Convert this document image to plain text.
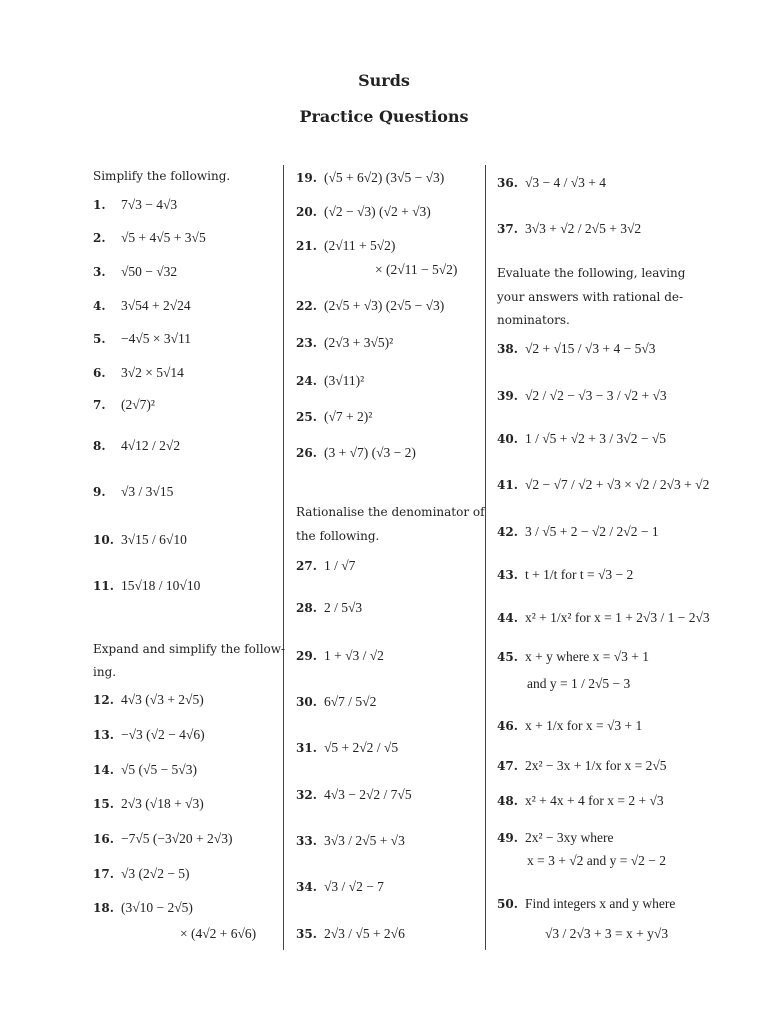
Surds
Practice Questions
Simplify the following.
Expand and simplify the follow-
ing.
Rationalise the denominator of
the following.
Evaluate the following, leaving
your answers with rational de-
nominators.
1.	7√3 − 4√3
2.	√5 + 4√5 + 3√5
3.	√50 − √32
4.	3√54 + 2√24
5.	−4√5 × 3√11
6.	3√2 × 5√14
7.	(2√7)²
8.	4√12 / 2√2
9.	√3 / 3√15
10. 3√15 / 6√10
11. 15√18 / 10√10
12. 4√3 (√3 + 2√5)
13. −√3 (√2 − 4√6)
14. √5 (√5 − 5√3)
15. 2√3 (√18 + √3)
16. −7√5 (−3√20 + 2√3)
17. √3 (2√2 − 5)
18. (3√10 − 2√5)
× (4√2 + 6√6)
19. (√5 + 6√2) (3√5 − √3)
20. (√2 − √3) (√2 + √3)
21. (2√11 + 5√2)
× (2√11 − 5√2)
22. (2√5 + √3) (2√5 − √3)
23. (2√3 + 3√5)²
24. (3√11)²
25. (√7 + 2)²
26. (3 + √7) (√3 − 2)
27. 1 / √7
28. 2 / 5√3
29. 1 + √3 / √2
30. 6√7 / 5√2
31. √5 + 2√2 / √5
32. 4√3 − 2√2 / 7√5
33. 3√3 / 2√5 + √3
34. √3 / √2 − 7
35. 2√3 / √5 + 2√6
36. √3 − 4 / √3 + 4
37. 3√3 + √2 / 2√5 + 3√2
38. √2 + √15 / √3 + 4 − 5√3
39. √2 / √2 − √3 − 3 / √2 + √3
40. 1 / √5 + √2 + 3 / 3√2 − √5
41. √2 − √7 / √2 + √3 × √2 / 2√3 + √2
42. 3 / √5 + 2 − √2 / 2√2 − 1
43. t + 1/t for t = √3 − 2
44. x² + 1/x² for x = 1 + 2√3 / 1 − 2√3
45. x + y where x = √3 + 1
and y = 1 / 2√5 − 3
46. x + 1/x for x = √3 + 1
47. 2x² − 3x + 1/x for x = 2√5
48. x² + 4x + 4 for x = 2 + √3
49. 2x² − 3xy where
x = 3 + √2 and y = √2 − 2
50. Find integers x and y where
√3 / 2√3 + 3 = x + y√3
